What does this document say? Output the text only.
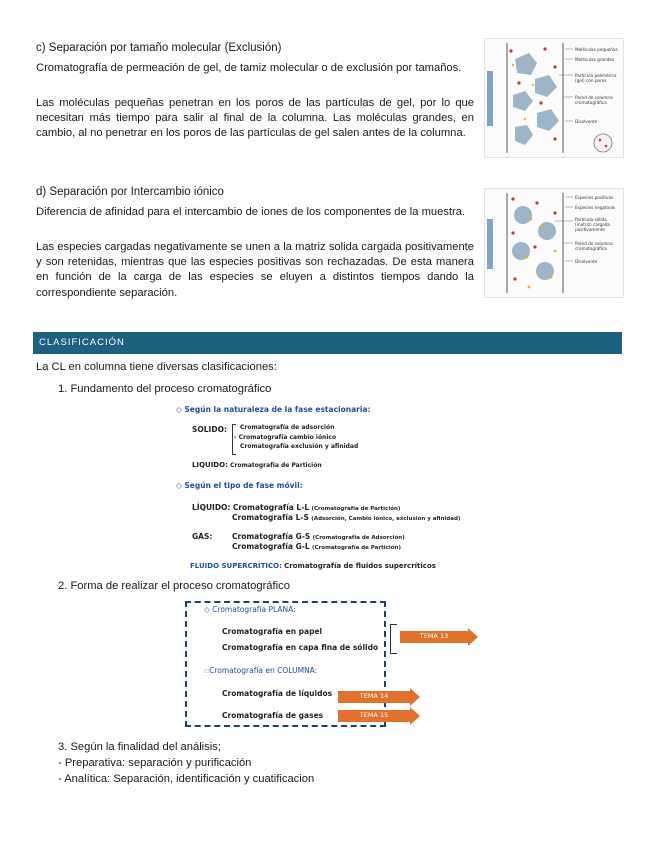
c) Separación por tamaño molecular (Exclusión)
Cromatografía de permeación de gel, de tamiz molecular o de exclusión por tamaños.
Las moléculas pequeñas penetran en los poros de las partículas de gel, por lo que necesitan más tiempo para salir al final de la columna. Las moléculas grandes, en cambio, al no penetrar en los poros de las partículas de gel salen antes de la columna.
Moléculas pequeñas
Moléculas grandes
Partícula polimérica (gel) con poros
Pared de columna cromatográfica
Disolvente
d) Separación por Intercambio iónico
Diferencia de afinidad para el intercambio de iones de los componentes de la muestra.
Las especies cargadas negativamente se unen a la matriz solida cargada positivamente y son retenidas, mientras que las especies positivas son rechazadas. De esta manera en función de la carga de las especies se eluyen a distintos tiempos dando la correspondiente separación.
Especies positivas
Especies negativas
Partícula sólida (matriz) cargada positivamente
Pared de columna cromatográfica
Disolvente
CLASIFICACIÓN
La CL en columna tiene diversas clasificaciones:
1. Fundamento del proceso cromatográfico
◇ Según la naturaleza de la fase estacionaria:
SOLIDO: Cromatografía de adsorción
- Cromatografía cambio iónico
Cromatografía exclusión y afinidad
LIQUIDO: Cromatografía de Partición
◇ Según el tipo de fase móvil:
LÍQUIDO: Cromatografía L-L (Cromatografía de Partición)
Cromatografía L-S (Adsorción, Cambio iónico, exclusión y afinidad)
GAS:	Cromatografía G-S (Cromatografía de Adsorción)
Cromatografía G-L (Cromatografía de Partición)
FLUIDO SUPERCRÍTICO: Cromatografía de fluidos supercríticos
2. Forma de realizar el proceso cromatográfico
◇ Cromatografía PLANA:
Cromatografía en papel
Cromatografía en capa fina de sólido
TEMA 13
▫Cromatografía en COLUMNA:
Cromatografía de líquidos	TEMA 14
Cromatografía de gases	TEMA 15
3. Según la finalidad del análisis;
- Preparativa: separación y purificación
- Analítica: Separación, identificación y cuatificacion
